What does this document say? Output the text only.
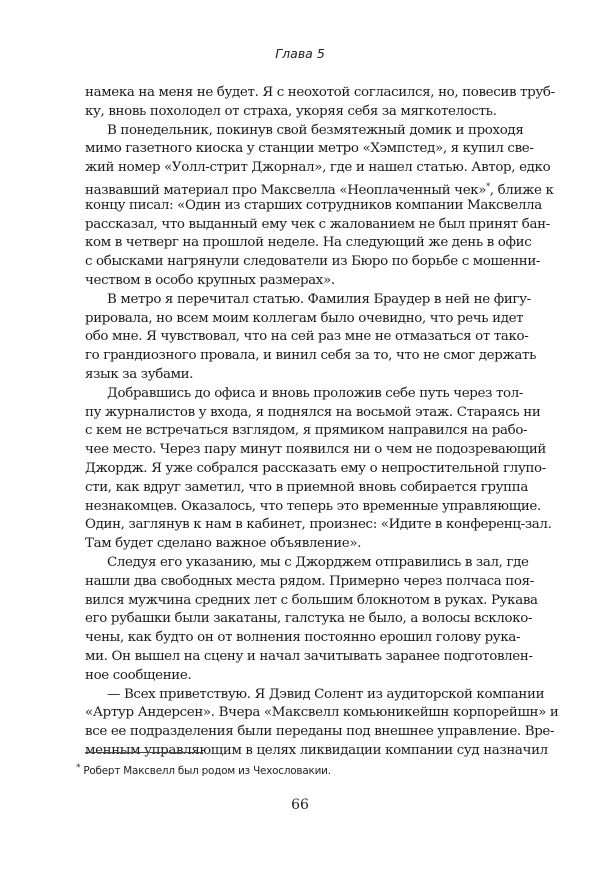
Глава 5
намека на меня не будет. Я с неохотой согласился, но, повесив труб-
ку, вновь похолодел от страха, укоряя себя за мягкотелость.
В понедельник, покинув свой безмятежный домик и проходя
мимо газетного киоска у станции метро «Хэмпстед», я купил све-
жий номер «Уолл-стрит Джорнал», где и нашел статью. Автор, едко
назвавший материал про Максвелла «Неоплаченный чек»*, ближе к
концу писал: «Один из старших сотрудников компании Максвелла
рассказал, что выданный ему чек с жалованием не был принят бан-
ком в четверг на прошлой неделе. На следующий же день в офис
с обысками нагрянули следователи из Бюро по борьбе с мошенни-
чеством в особо крупных размерах».
В метро я перечитал статью. Фамилия Браудер в ней не фигу-
рировала, но всем моим коллегам было очевидно, что речь идет
обо мне. Я чувствовал, что на сей раз мне не отмазаться от тако-
го грандиозного провала, и винил себя за то, что не смог держать
язык за зубами.
Добравшись до офиса и вновь проложив себе путь через тол-
пу журналистов у входа, я поднялся на восьмой этаж. Стараясь ни
с кем не встречаться взглядом, я прямиком направился на рабо-
чее место. Через пару минут появился ни о чем не подозревающий
Джордж. Я уже собрался рассказать ему о непростительной глупо-
сти, как вдруг заметил, что в приемной вновь собирается группа
незнакомцев. Оказалось, что теперь это временные управляющие.
Один, заглянув к нам в кабинет, произнес: «Идите в конференц-зал.
Там будет сделано важное объявление».
Следуя его указанию, мы с Джорджем отправились в зал, где
нашли два свободных места рядом. Примерно через полчаса поя-
вился мужчина средних лет с большим блокнотом в руках. Рукава
его рубашки были закатаны, галстука не было, а волосы всклоко-
чены, как будто он от волнения постоянно ерошил голову рука-
ми. Он вышел на сцену и начал зачитывать заранее подготовлен-
ное сообщение.
— Всех приветствую. Я Дэвид Солент из аудиторской компании
«Артур Андерсен». Вчера «Максвелл комьюникейшн корпорейшн» и
все ее подразделения были переданы под внешнее управление. Вре-
менным управляющим в целях ликвидации компании суд назначил
* Роберт Максвелл был родом из Чехословакии.
66
